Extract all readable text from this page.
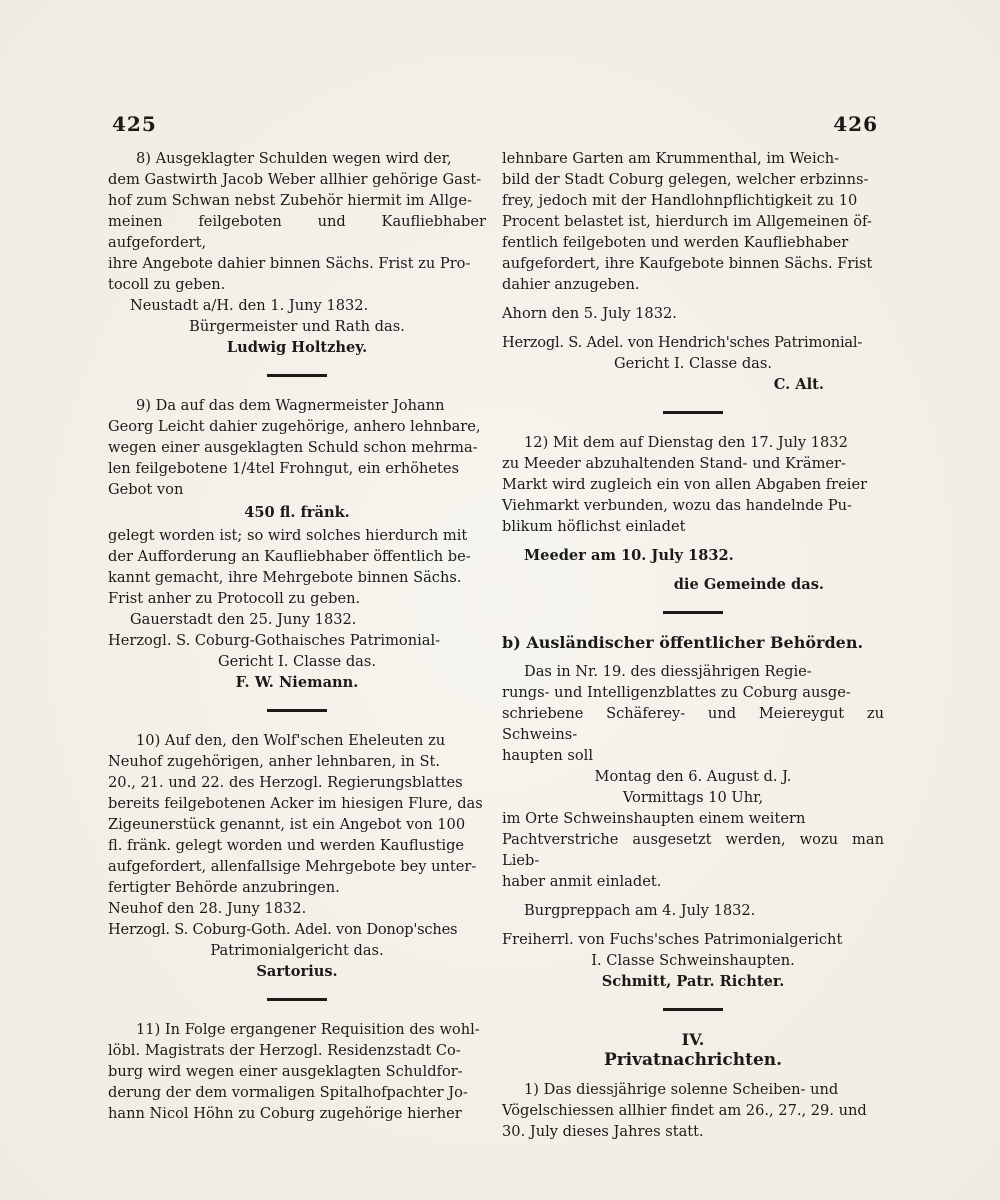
425	426

8) Ausgeklagter Schulden wegen wird der,

dem Gastwirth Jacob Weber allhier gehörige Gast-

hof zum Schwan nebst Zubehör hiermit im Allge-

meinen feilgeboten und Kaufliebhaber aufgefordert,

ihre Angebote dahier binnen Sächs. Frist zu Pro-

tocoll zu geben.

Neustadt a/H. den 1. Juny 1832.

Bürgermeister und Rath das.

Ludwig Holtzhey.

9) Da auf das dem Wagnermeister Johann

Georg Leicht dahier zugehörige, anhero lehnbare,

wegen einer ausgeklagten Schuld schon mehrma-

len feilgebotene 1/4tel Frohngut, ein erhöhetes

Gebot von

450 fl. fränk.

gelegt worden ist; so wird solches hierdurch mit

der Aufforderung an Kaufliebhaber öffentlich be-

kannt gemacht, ihre Mehrgebote binnen Sächs.

Frist anher zu Protocoll zu geben.

Gauerstadt den 25. Juny 1832.

Herzogl. S. Coburg-Gothaisches Patrimonial-

Gericht I. Classe das.

F. W. Niemann.

10) Auf den, den Wolf'schen Eheleuten zu

Neuhof zugehörigen, anher lehnbaren, in St.

20., 21. und 22. des Herzogl. Regierungsblattes

bereits feilgebotenen Acker im hiesigen Flure, das

Zigeunerstück genannt, ist ein Angebot von 100

fl. fränk. gelegt worden und werden Kauflustige

aufgefordert, allenfallsige Mehrgebote bey unter-

fertigter Behörde anzubringen.

Neuhof den 28. Juny 1832.

Herzogl. S. Coburg-Goth. Adel. von Donop'sches

Patrimonialgericht das.

Sartorius.

11) In Folge ergangener Requisition des wohl-

löbl. Magistrats der Herzogl. Residenzstadt Co-

burg wird wegen einer ausgeklagten Schuldfor-

derung der dem vormaligen Spitalhofpachter Jo-

hann Nicol Höhn zu Coburg zugehörige hierher

lehnbare Garten am Krummenthal, im Weich-

bild der Stadt Coburg gelegen, welcher erbzinns-

frey, jedoch mit der Handlohnpflichtigkeit zu 10

Procent belastet ist, hierdurch im Allgemeinen öf-

fentlich feilgeboten und werden Kaufliebhaber

aufgefordert, ihre Kaufgebote binnen Sächs. Frist

dahier anzugeben.

Ahorn den 5. July 1832.

Herzogl. S. Adel. von Hendrich'sches Patrimonial-

Gericht I. Classe das.

C. Alt.

12) Mit dem auf Dienstag den 17. July 1832

zu Meeder abzuhaltenden Stand- und Krämer-

Markt wird zugleich ein von allen Abgaben freier

Viehmarkt verbunden, wozu das handelnde Pu-

blikum höflichst einladet

Meeder am 10. July 1832.

die Gemeinde das.

b) Ausländischer öffentlicher Behörden.

Das in Nr. 19. des diessjährigen Regie-

rungs- und Intelligenzblattes zu Coburg ausge-

schriebene Schäferey- und Meiereygut zu Schweins-

haupten soll

Montag den 6. August d. J.

Vormittags 10 Uhr,

im Orte Schweinshaupten einem weitern

Pachtverstriche ausgesetzt werden, wozu man Lieb-

haber anmit einladet.

Burgpreppach am 4. July 1832.

Freiherrl. von Fuchs'sches Patrimonialgericht

I. Classe Schweinshaupten.

Schmitt, Patr. Richter.

IV.

Privatnachrichten.

1) Das diessjährige solenne Scheiben- und

Vögelschiessen allhier findet am 26., 27., 29. und

30. July dieses Jahres statt.
